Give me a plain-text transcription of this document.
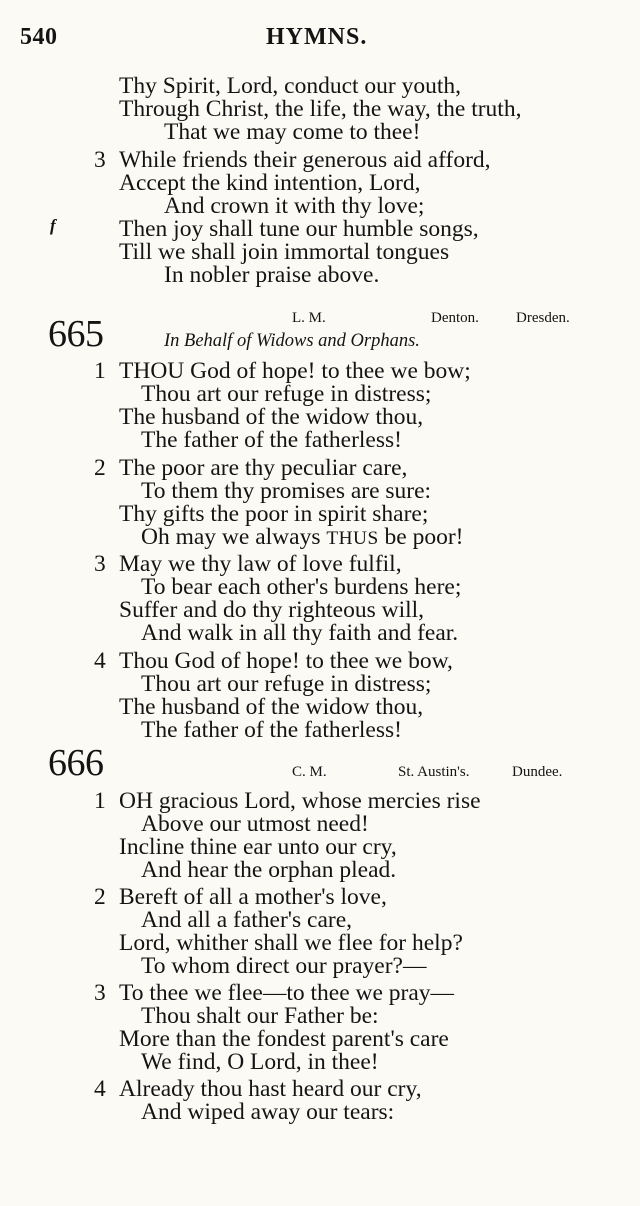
540	HYMNS.
Thy Spirit, Lord, conduct our youth,
Through Christ, the life, the way, the truth,
That we may come to thee!
3 While friends their generous aid afford,
Accept the kind intention, Lord,
And crown it with thy love;
f	Then joy shall tune our humble songs,
Till we shall join immortal tongues
In nobler praise above.
L. M.	Denton. Dresden.
665	In Behalf of Widows and Orphans.
1 THOU God of hope! to thee we bow;
Thou art our refuge in distress;
The husband of the widow thou,
The father of the fatherless!
2 The poor are thy peculiar care,
To them thy promises are sure:
Thy gifts the poor in spirit share;
Oh may we always THUS be poor!
3 May we thy law of love fulfil,
To bear each other's burdens here;
Suffer and do thy righteous will,
And walk in all thy faith and fear.
4 Thou God of hope! to thee we bow,
Thou art our refuge in distress;
The husband of the widow thou,
The father of the fatherless!
666	C. M.	St. Austin's.	Dundee.
1 OH gracious Lord, whose mercies rise
Above our utmost need!
Incline thine ear unto our cry,
And hear the orphan plead.
2 Bereft of all a mother's love,
And all a father's care,
Lord, whither shall we flee for help?
To whom direct our prayer?—
3 To thee we flee—to thee we pray—
Thou shalt our Father be:
More than the fondest parent's care
We find, O Lord, in thee!
4 Already thou hast heard our cry,
And wiped away our tears:
